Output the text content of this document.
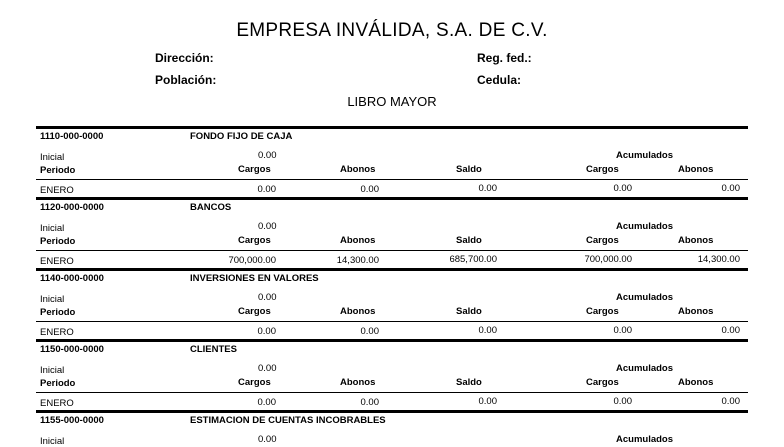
EMPRESA INVÁLIDA, S.A. DE C.V.
Dirección:
Población:
Reg. fed.:
Cedula:
LIBRO MAYOR
1110-000-0000	FONDO FIJO DE CAJA
Inicial	0.00	Acumulados
Periodo	Cargos	Abonos	Saldo	Cargos	Abonos
ENERO	0.00	0.00	0.00	0.00	0.00
1120-000-0000	BANCOS
Inicial	0.00	Acumulados
Periodo	Cargos	Abonos	Saldo	Cargos	Abonos
ENERO	700,000.00	14,300.00	685,700.00	700,000.00	14,300.00
1140-000-0000	INVERSIONES EN VALORES
Inicial	0.00	Acumulados
Periodo	Cargos	Abonos	Saldo	Cargos	Abonos
ENERO	0.00	0.00	0.00	0.00	0.00
1150-000-0000	CLIENTES
Inicial	0.00	Acumulados
Periodo	Cargos	Abonos	Saldo	Cargos	Abonos
ENERO	0.00	0.00	0.00	0.00	0.00
1155-000-0000	ESTIMACION DE CUENTAS INCOBRABLES
Inicial	0.00	Acumulados
